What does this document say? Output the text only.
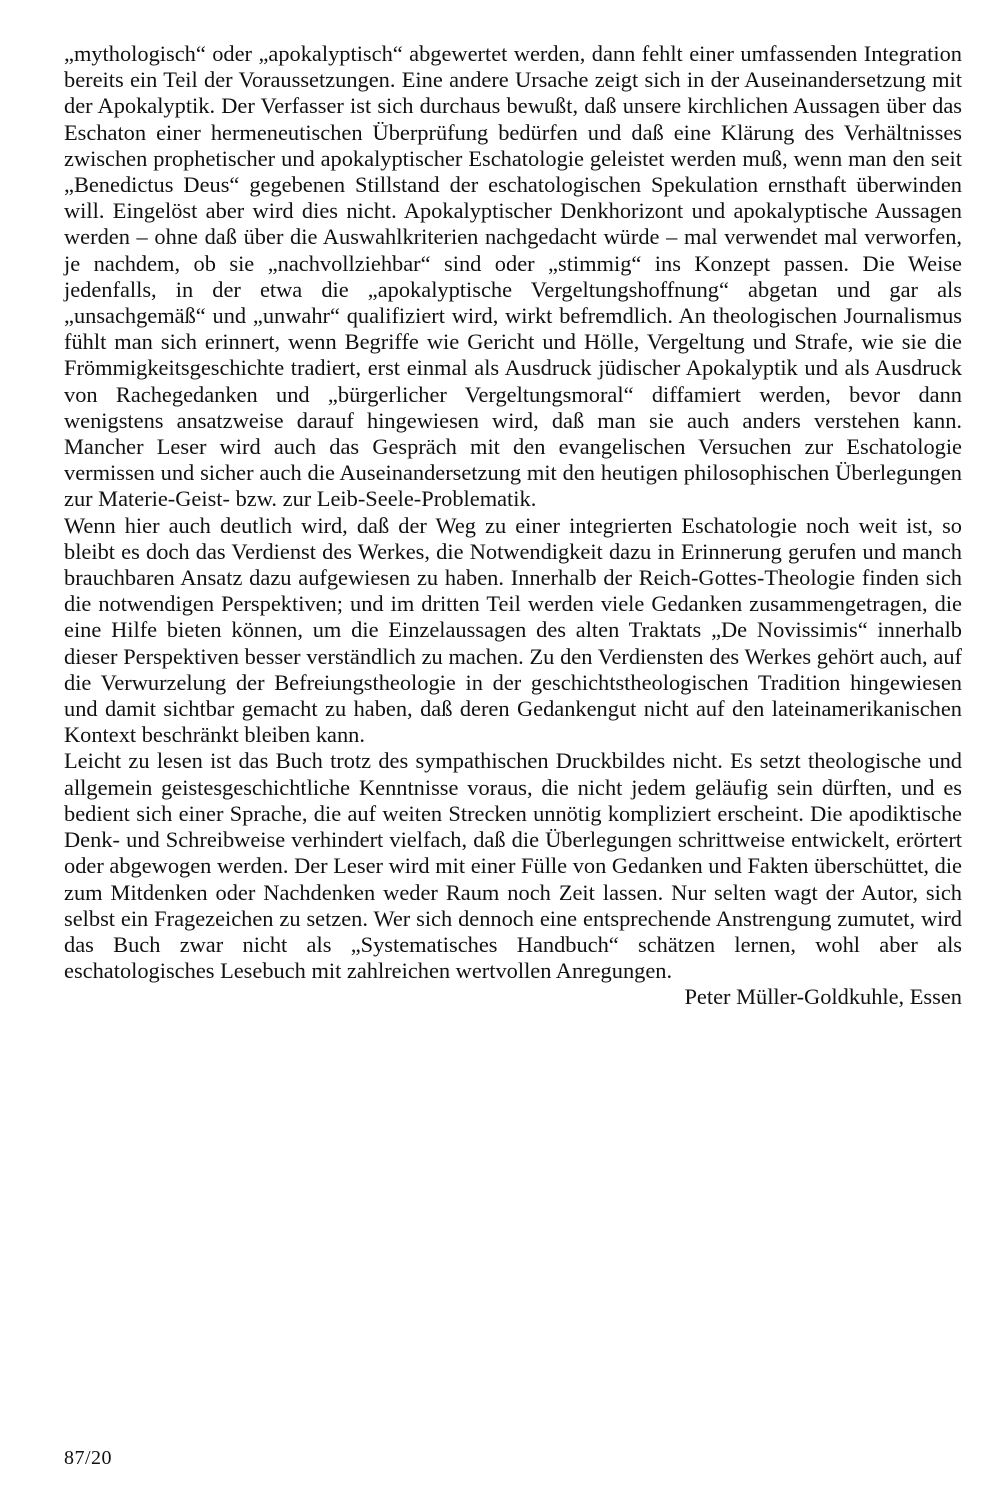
„mythologisch“ oder „apokalyptisch“ abgewertet werden, dann fehlt einer umfassenden Integration bereits ein Teil der Voraussetzungen. Eine andere Ursache zeigt sich in der Auseinandersetzung mit der Apokalyptik. Der Verfasser ist sich durchaus bewußt, daß unsere kirchlichen Aussagen über das Eschaton einer hermeneutischen Überprüfung bedürfen und daß eine Klärung des Verhältnisses zwischen prophetischer und apokalyptischer Eschatologie geleistet werden muß, wenn man den seit „Benedictus Deus“ gegebenen Stillstand der eschatologischen Spekulation ernsthaft überwinden will. Eingelöst aber wird dies nicht. Apokalyptischer Denkhorizont und apokalyptische Aussagen werden – ohne daß über die Auswahlkriterien nachgedacht würde – mal verwendet mal verworfen, je nachdem, ob sie „nachvollziehbar“ sind oder „stimmig“ ins Konzept passen. Die Weise jedenfalls, in der etwa die „apokalyptische Vergeltungshoffnung“ abgetan und gar als „unsachgemäß“ und „unwahr“ qualifiziert wird, wirkt befremdlich. An theologischen Journalismus fühlt man sich erinnert, wenn Begriffe wie Gericht und Hölle, Vergeltung und Strafe, wie sie die Frömmigkeitsgeschichte tradiert, erst einmal als Ausdruck jüdischer Apokalyptik und als Ausdruck von Rachegedanken und „bürgerlicher Vergeltungsmoral“ diffamiert werden, bevor dann wenigstens ansatzweise darauf hingewiesen wird, daß man sie auch anders verstehen kann. Mancher Leser wird auch das Gespräch mit den evangelischen Versuchen zur Eschatologie vermissen und sicher auch die Auseinandersetzung mit den heutigen philosophischen Überlegungen zur Materie-Geist- bzw. zur Leib-Seele-Problematik.

Wenn hier auch deutlich wird, daß der Weg zu einer integrierten Eschatologie noch weit ist, so bleibt es doch das Verdienst des Werkes, die Notwendigkeit dazu in Erinnerung gerufen und manch brauchbaren Ansatz dazu aufgewiesen zu haben. Innerhalb der Reich-Gottes-Theologie finden sich die notwendigen Perspektiven; und im dritten Teil werden viele Gedanken zusammengetragen, die eine Hilfe bieten können, um die Einzelaussagen des alten Traktats „De Novissimis“ innerhalb dieser Perspektiven besser verständlich zu machen. Zu den Verdiensten des Werkes gehört auch, auf die Verwurzelung der Befreiungstheologie in der geschichtstheologischen Tradition hingewiesen und damit sichtbar gemacht zu haben, daß deren Gedankengut nicht auf den lateinamerikanischen Kontext beschränkt bleiben kann.

Leicht zu lesen ist das Buch trotz des sympathischen Druckbildes nicht. Es setzt theologische und allgemein geistesgeschichtliche Kenntnisse voraus, die nicht jedem geläufig sein dürften, und es bedient sich einer Sprache, die auf weiten Strecken unnötig kompliziert erscheint. Die apodiktische Denk- und Schreibweise verhindert vielfach, daß die Überlegungen schrittweise entwickelt, erörtert oder abgewogen werden. Der Leser wird mit einer Fülle von Gedanken und Fakten überschüttet, die zum Mitdenken oder Nachdenken weder Raum noch Zeit lassen. Nur selten wagt der Autor, sich selbst ein Fragezeichen zu setzen. Wer sich dennoch eine entsprechende Anstrengung zumutet, wird das Buch zwar nicht als „Systematisches Handbuch“ schätzen lernen, wohl aber als eschatologisches Lesebuch mit zahlreichen wertvollen Anregungen.

Peter Müller-Goldkuhle, Essen

87/20
